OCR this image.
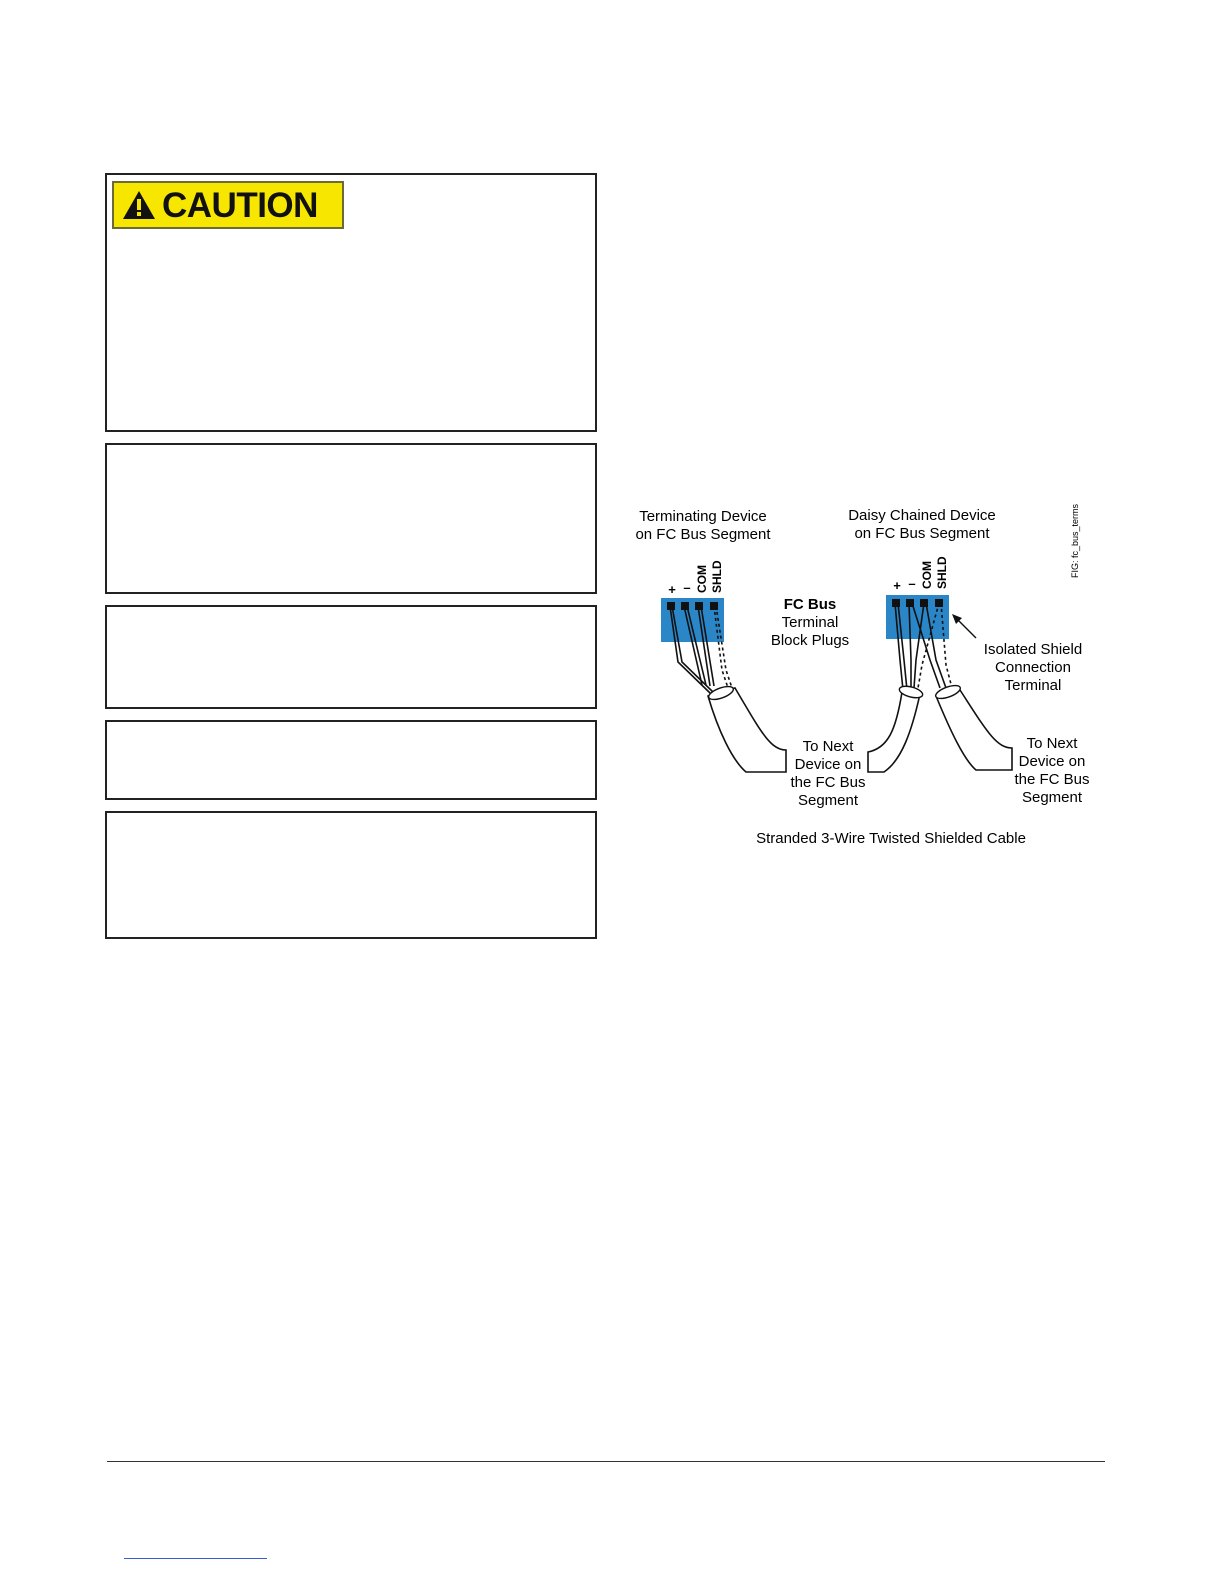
CAUTION
Terminating Device
on FC Bus Segment
Daisy Chained Device
on FC Bus Segment	FIG: fc_bus_terms
+ – COM SHLD	+ – COM SHLD
FC Bus
Terminal
Block Plugs
Isolated Shield
Connection
Terminal
To Next
Device on
the FC Bus
Segment
To Next
Device on
the FC Bus
Segment
Stranded 3-Wire Twisted Shielded Cable
